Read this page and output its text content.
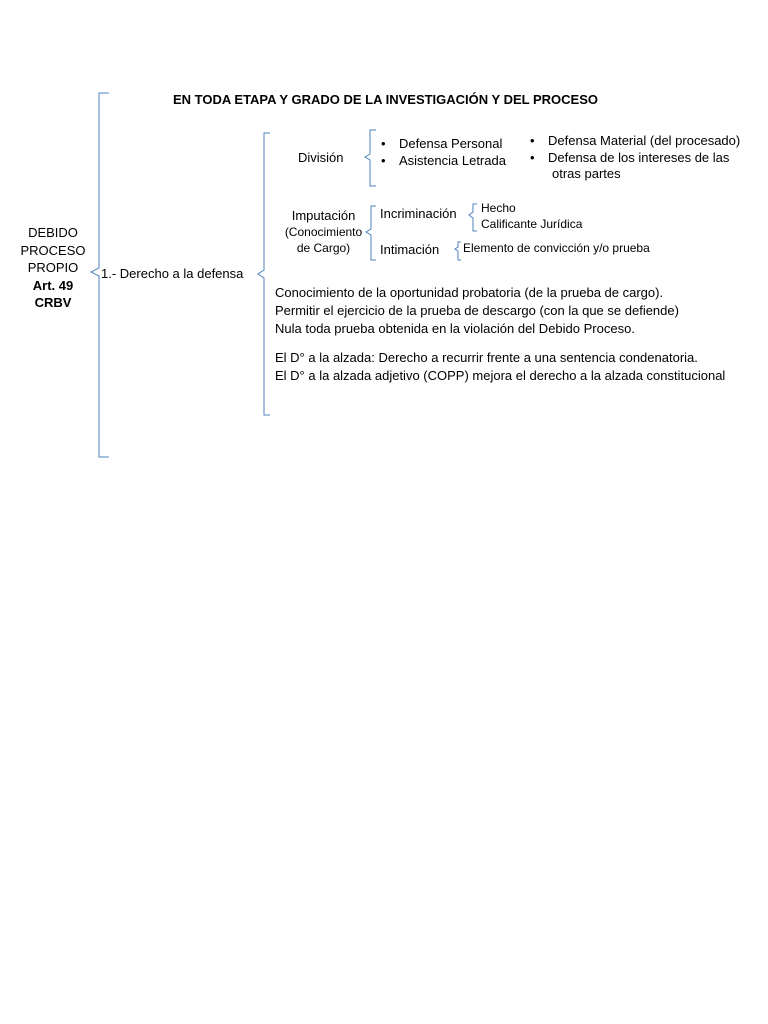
EN TODA ETAPA Y GRADO DE LA INVESTIGACIÓN Y DEL PROCESO
DEBIDO
PROCESO
PROPIO
Art. 49
CRBV
1.- Derecho a la defensa
División
• Defensa Personal
• Asistencia Letrada
• Defensa Material (del procesado)
• Defensa de los intereses de las
otras partes
Imputación
(Conocimiento
de Cargo)
Incriminación Hecho
Calificante Jurídica
Intimación Elemento de convicción y/o prueba
Conocimiento de la oportunidad probatoria (de la prueba de cargo).
Permitir el ejercicio de la prueba de descargo (con la que se defiende)
Nula toda prueba obtenida en la violación del Debido Proceso.
El D° a la alzada: Derecho a recurrir frente a una sentencia condenatoria.
El D° a la alzada adjetivo (COPP) mejora el derecho a la alzada constitucional
